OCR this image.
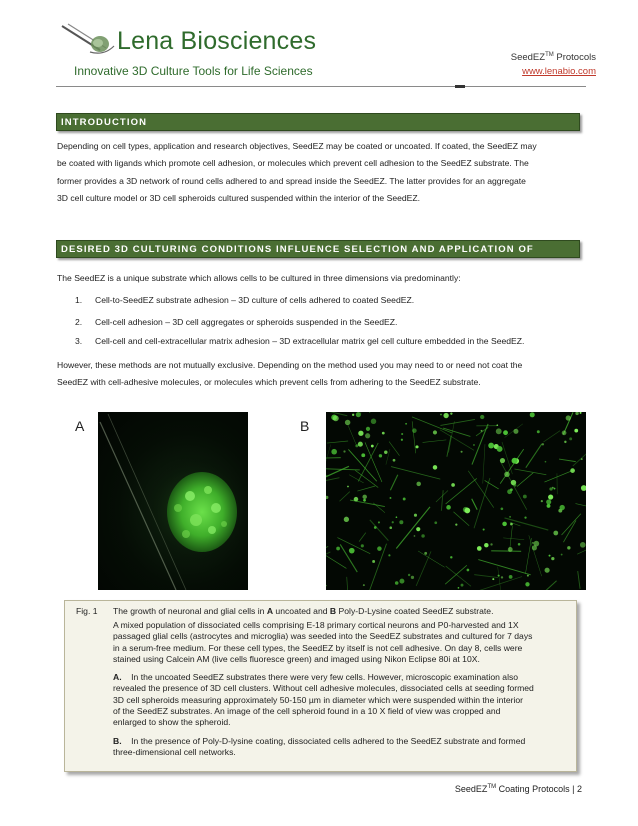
Lena Biosciences
Innovative 3D Culture Tools for Life Sciences
SeedEZ™ Protocols
www.lenabio.com
INTRODUCTION
Depending on cell types, application and research objectives, SeedEZ may be coated or uncoated. If coated, the SeedEZ may
be coated with ligands which promote cell adhesion, or molecules which prevent cell adhesion to the SeedEZ substrate. The
former provides a 3D network of round cells adhered to and spread inside the SeedEZ. The latter provides for an aggregate
3D cell culture model or 3D cell spheroids cultured suspended within the interior of the SeedEZ.
DESIRED 3D CULTURING CONDITIONS INFLUENCE SELECTION AND APPLICATION OF COATINGS
The SeedEZ is a unique substrate which allows cells to be cultured in three dimensions via predominantly:
1. Cell-to-SeedEZ substrate adhesion – 3D culture of cells adhered to coated SeedEZ.
2. Cell-cell adhesion – 3D cell aggregates or spheroids suspended in the SeedEZ.
3. Cell-cell and cell-extracellular matrix adhesion – 3D extracellular matrix gel cell culture embedded in the SeedEZ.
However, these methods are not mutually exclusive. Depending on the method used you may need to or need not coat the
SeedEZ with cell-adhesive molecules, or molecules which prevent cells from adhering to the SeedEZ substrate.
A	B
Fig. 1 The growth of neuronal and glial cells in A uncoated and B Poly-D-Lysine coated SeedEZ substrate.
A mixed population of dissociated cells comprising E-18 primary cortical neurons and P0-harvested and 1X
passaged glial cells (astrocytes and microglia) was seeded into the SeedEZ substrates and cultured for 7 days
in a serum-free medium. For these cell types, the SeedEZ by itself is not cell adhesive. On day 8, cells were
stained using Calcein AM (live cells fluoresce green) and imaged using Nikon Eclipse 80i at 10X.
A. In the uncoated SeedEZ substrates there were very few cells. However, microscopic examination also
revealed the presence of 3D cell clusters. Without cell adhesive molecules, dissociated cells at seeding formed
3D cell spheroids measuring approximately 50-150 µm in diameter which were suspended within the interior
of the SeedEZ substrates. An image of the cell spheroid found in a 10 X field of view was cropped and
enlarged to show the spheroid.
B. In the presence of Poly-D-lysine coating, dissociated cells adhered to the SeedEZ substrate and formed
three-dimensional cell networks.
SeedEZ™ Coating Protocols | 2
